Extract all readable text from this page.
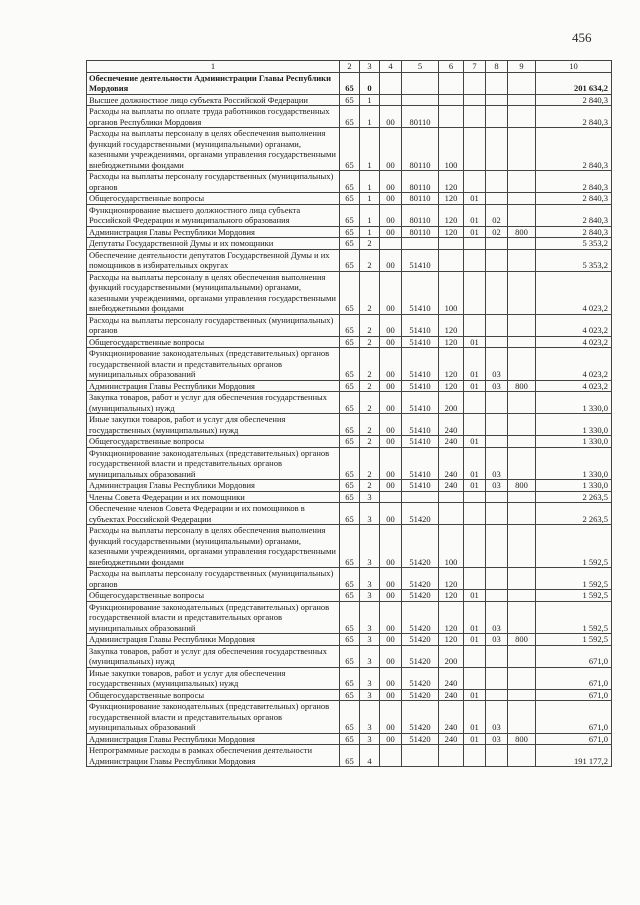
456
1	2	3	4	5	6	7	8	9	10
Обеспечение деятельности Администрации Главы Республики Мордовия	65	0							201 634,2
Высшее должностное лицо субъекта Российской Федерации	65	1							2 840,3
Расходы на выплаты по оплате труда работников государственных органов Республики Мордовия	65	1	00	80110					2 840,3
Расходы на выплаты персоналу в целях обеспечения выполнения функций государственными (муниципальными) органами, казенными учреждениями, органами управления государственными внебюджетными фондами	65	1	00	80110	100				2 840,3
Расходы на выплаты персоналу государственных (муниципальных) органов	65	1	00	80110	120				2 840,3
Общегосударственные вопросы	65	1	00	80110	120	01			2 840,3
Функционирование высшего должностного лица субъекта Российской Федерации и муниципального образования	65	1	00	80110	120	01	02		2 840,3
Администрация Главы Республики Мордовия	65	1	00	80110	120	01	02	800	2 840,3
Депутаты Государственной Думы и их помощники	65	2							5 353,2
Обеспечение деятельности депутатов Государственной Думы и их помощников в избирательных округах	65	2	00	51410					5 353,2
Расходы на выплаты персоналу в целях обеспечения выполнения функций государственными (муниципальными) органами, казенными учреждениями, органами управления государственными внебюджетными фондами	65	2	00	51410	100				4 023,2
Расходы на выплаты персоналу государственных (муниципальных) органов	65	2	00	51410	120				4 023,2
Общегосударственные вопросы	65	2	00	51410	120	01			4 023,2
Функционирование законодательных (представительных) органов государственной власти и представительных органов муниципальных образований	65	2	00	51410	120	01	03		4 023,2
Администрация Главы Республики Мордовия	65	2	00	51410	120	01	03	800	4 023,2
Закупка товаров, работ и услуг для обеспечения государственных (муниципальных) нужд	65	2	00	51410	200				1 330,0
Иные закупки товаров, работ и услуг для обеспечения государственных (муниципальных) нужд	65	2	00	51410	240				1 330,0
Общегосударственные вопросы	65	2	00	51410	240	01			1 330,0
Функционирование законодательных (представительных) органов государственной власти и представительных органов муниципальных образований	65	2	00	51410	240	01	03		1 330,0
Администрация Главы Республики Мордовия	65	2	00	51410	240	01	03	800	1 330,0
Члены Совета Федерации и их помощники	65	3							2 263,5
Обеспечение членов Совета Федерации и их помощников в субъектах Российской Федерации	65	3	00	51420					2 263,5
Расходы на выплаты персоналу в целях обеспечения выполнения функций государственными (муниципальными) органами, казенными учреждениями, органами управления государственными внебюджетными фондами	65	3	00	51420	100				1 592,5
Расходы на выплаты персоналу государственных (муниципальных) органов	65	3	00	51420	120				1 592,5
Общегосударственные вопросы	65	3	00	51420	120	01			1 592,5
Функционирование законодательных (представительных) органов государственной власти и представительных органов муниципальных образований	65	3	00	51420	120	01	03		1 592,5
Администрация Главы Республики Мордовия	65	3	00	51420	120	01	03	800	1 592,5
Закупка товаров, работ и услуг для обеспечения государственных (муниципальных) нужд	65	3	00	51420	200				671,0
Иные закупки товаров, работ и услуг для обеспечения государственных (муниципальных) нужд	65	3	00	51420	240				671,0
Общегосударственные вопросы	65	3	00	51420	240	01			671,0
Функционирование законодательных (представительных) органов государственной власти и представительных органов муниципальных образований	65	3	00	51420	240	01	03		671,0
Администрация Главы Республики Мордовия	65	3	00	51420	240	01	03	800	671,0
Непрограммные расходы в рамках обеспечения деятельности Администрации Главы Республики Мордовия	65	4							191 177,2
